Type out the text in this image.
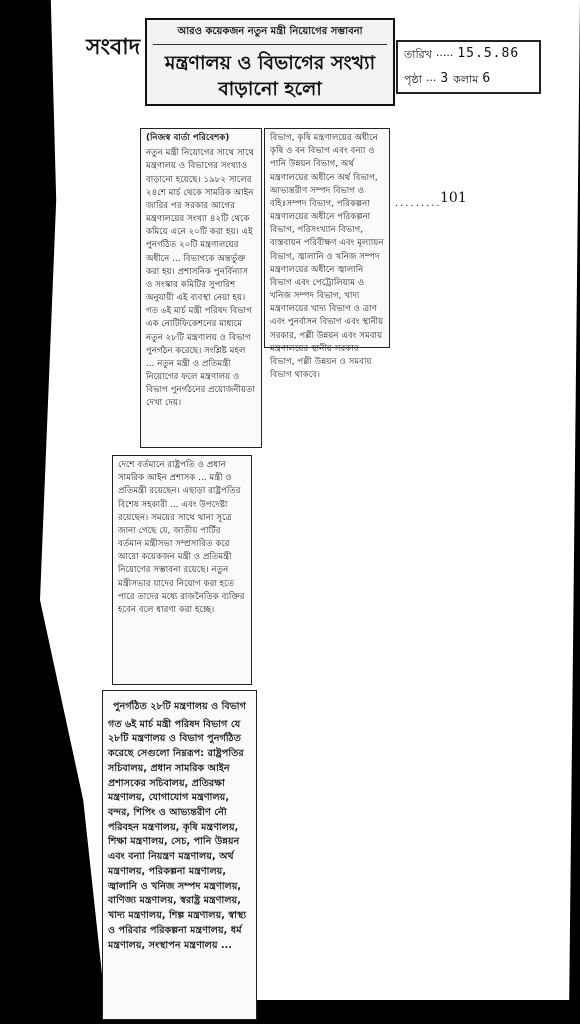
সংবাদ	তারিখ ..... 15.5.86
পৃষ্ঠা ... 3 কলাম 6
.........
101
আরও কয়েকজন নতুন মন্ত্রী নিয়োগের সম্ভাবনা
মন্ত্রণালয় ও বিভাগের সংখ্যা
বাড়ানো হলো
(নিজস্ব বার্তা পরিবেশক)
নতুন মন্ত্রী নিয়োগের সাথে সাথে মন্ত্রণালয় ও বিভাগের সংখ্যাও বাড়ানো হয়েছে। ১৯৮২ সালের ২৪শে মার্চ থেকে সামরিক আইন জারির পর সরকার আগের মন্ত্রণালয়ের সংখ্যা ৪২টি থেকে কমিয়ে এনে ২০টি করা হয়। এই পুনর্গঠিত ২০টি মন্ত্রণালয়ের অধীনে ... বিভাগকে অন্তর্ভুক্ত করা হয়। প্রশাসনিক পুনর্বিন্যাস ও সংস্কার কমিটির সুপারিশ অনুযায়ী এই ব্যবস্থা নেয়া হয়। গত ৬ই মার্চ মন্ত্রী পরিষদ বিভাগ এক নোটিফিকেশনের মাধ্যমে নতুন ২৮টি মন্ত্রণালয় ও বিভাগ পুনর্গঠন করেছে। সংশ্লিষ্ট মহল ... নতুন মন্ত্রী ও প্রতিমন্ত্রী নিয়োগের ফলে মন্ত্রণালয় ও বিভাগ পুনর্গঠনের প্রয়োজনীয়তা দেখা দেয়।
বিভাগ, কৃষি মন্ত্রণালয়ের অধীনে কৃষি ও বন বিভাগ এবং বন্যা ও পানি উন্নয়ন বিভাগ, অর্থ মন্ত্রণালয়ের অধীনে অর্থ বিভাগ, আভ্যন্তরীণ সম্পদ বিভাগ ও বহিঃসম্পদ বিভাগ, পরিকল্পনা মন্ত্রণালয়ের অধীনে পরিকল্পনা বিভাগ, পরিসংখ্যান বিভাগ, বাস্তবায়ন পরিবীক্ষণ এবং মূল্যায়ন বিভাগ, জ্বালানি ও খনিজ সম্পদ মন্ত্রণালয়ের অধীনে জ্বালানি বিভাগ এবং পেট্রোলিয়াম ও খনিজ সম্পদ বিভাগ, খাদ্য মন্ত্রণালয়ের খাদ্য বিভাগ ও ত্রাণ এবং পুনর্বাসন বিভাগ এবং স্থানীয় সরকার, পল্লী উন্নয়ন এবং সমবায় মন্ত্রণালয়ের স্থানীয় সরকার বিভাগ, পল্লী উন্নয়ন ও সমবায় বিভাগ থাকবে।
দেশে বর্তমানে রাষ্ট্রপতি ও প্রধান সামরিক আইন প্রশাসক ... মন্ত্রী ও প্রতিমন্ত্রী রয়েছেন। এছাড়া রাষ্ট্রপতির বিশেষ সহকারী ... এবং উপদেষ্টা রয়েছেন। সময়ের সাথে থানা সূত্রে জানা গেছে যে, জাতীয় পার্টির বর্তমান মন্ত্রীসভা সম্প্রসারিত করে আরো কয়েকজন মন্ত্রী ও প্রতিমন্ত্রী নিয়োগের সম্ভাবনা রয়েছে। নতুন মন্ত্রীসভার যাদের নিয়োগ করা হতে পারে তাদের মধ্যে রাজনৈতিক ব্যক্তির হবেন বলে ধারণা করা হচ্ছে।
পুনর্গঠিত ২৮টি মন্ত্রণালয় ও বিভাগ
গত ৬ই মার্চ মন্ত্রী পরিষদ বিভাগ যে ২৮টি মন্ত্রণালয় ও বিভাগ পুনর্গঠিত করেছে সেগুলো নিম্নরূপ: রাষ্ট্রপতির সচিবালয়, প্রধান সামরিক আইন প্রশাসকের সচিবালয়, প্রতিরক্ষা মন্ত্রণালয়, যোগাযোগ মন্ত্রণালয়, বন্দর, শিপিং ও আভ্যন্তরীণ নৌ পরিবহন মন্ত্রণালয়, কৃষি মন্ত্রণালয়, শিক্ষা মন্ত্রণালয়, সেচ, পানি উন্নয়ন এবং বন্যা নিয়ন্ত্রণ মন্ত্রণালয়, অর্থ মন্ত্রণালয়, পরিকল্পনা মন্ত্রণালয়, জ্বালানি ও খনিজ সম্পদ মন্ত্রণালয়, বাণিজ্য মন্ত্রণালয়, স্বরাষ্ট্র মন্ত্রণালয়, খাদ্য মন্ত্রণালয়, শিল্প মন্ত্রণালয়, স্বাস্থ্য ও পরিবার পরিকল্পনা মন্ত্রণালয়, ধর্ম মন্ত্রণালয়, সংস্থাপন মন্ত্রণালয় ...
